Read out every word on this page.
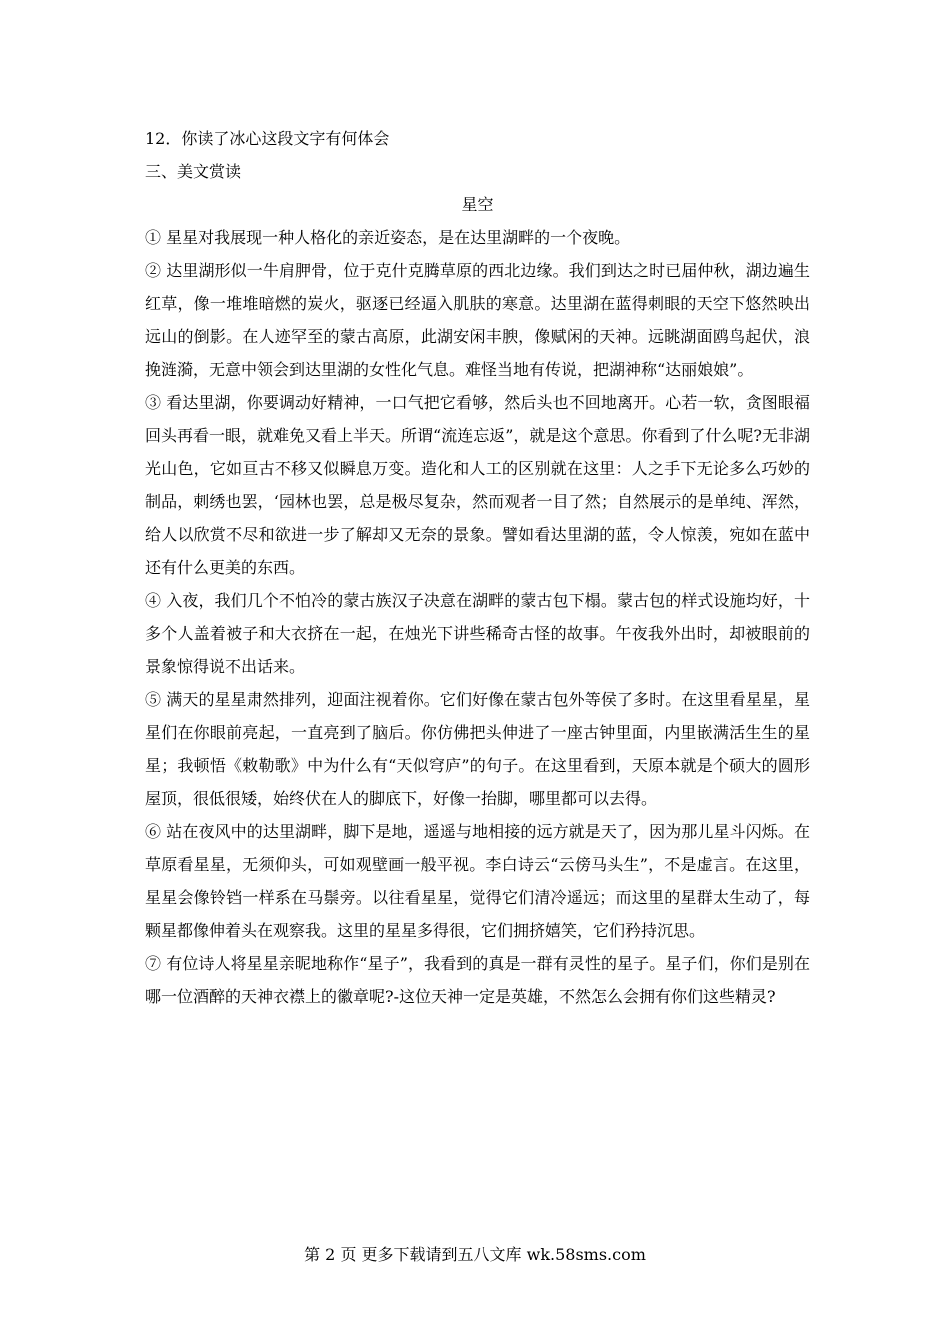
12．你读了冰心这段文字有何体会
三、美文赏读
星空
① 星星对我展现一种人格化的亲近姿态，是在达里湖畔的一个夜晚。
② 达里湖形似一牛肩胛骨，位于克什克腾草原的西北边缘。我们到达之时已届仲秋，湖边遍生红草，像一堆堆暗燃的炭火，驱逐已经逼入肌肤的寒意。达里湖在蓝得刺眼的天空下悠然映出远山的倒影。在人迹罕至的蒙古高原，此湖安闲丰腴，像赋闲的天神。远眺湖面鸥鸟起伏，浪挽涟漪，无意中领会到达里湖的女性化气息。难怪当地有传说，把湖神称“达丽娘娘”。
③ 看达里湖，你要调动好精神，一口气把它看够，然后头也不回地离开。心若一软，贪图眼福回头再看一眼，就难免又看上半天。所谓“流连忘返”，就是这个意思。你看到了什么呢?无非湖光山色，它如亘古不移又似瞬息万变。造化和人工的区别就在这里：人之手下无论多么巧妙的制品，刺绣也罢，‘园林也罢，总是极尽复杂，然而观者一目了然；自然展示的是单纯、浑然，给人以欣赏不尽和欲进一步了解却又无奈的景象。譬如看达里湖的蓝，令人惊羡，宛如在蓝中还有什么更美的东西。
④ 入夜，我们几个不怕冷的蒙古族汉子决意在湖畔的蒙古包下榻。蒙古包的样式设施均好，十多个人盖着被子和大衣挤在一起，在烛光下讲些稀奇古怪的故事。午夜我外出时，却被眼前的景象惊得说不出话来。
⑤ 满天的星星肃然排列，迎面注视着你。它们好像在蒙古包外等侯了多时。在这里看星星，星星们在你眼前亮起，一直亮到了脑后。你仿佛把头伸进了一座古钟里面，内里嵌满活生生的星星；我顿悟《敕勒歌》中为什么有“天似穹庐”的句子。在这里看到，天原本就是个硕大的圆形屋顶，很低很矮，始终伏在人的脚底下，好像一抬脚，哪里都可以去得。
⑥ 站在夜风中的达里湖畔，脚下是地，遥遥与地相接的远方就是天了，因为那儿星斗闪烁。在草原看星星，无须仰头，可如观壁画一般平视。李白诗云“云傍马头生”，不是虚言。在这里，星星会像铃铛一样系在马鬃旁。以往看星星，觉得它们清冷遥远；而这里的星群太生动了，每颗星都像伸着头在观察我。这里的星星多得很，它们拥挤嬉笑，它们矜持沉思。
⑦ 有位诗人将星星亲昵地称作“星子”，我看到的真是一群有灵性的星子。星子们，你们是别在哪一位酒醉的天神衣襟上的徽章呢?-这位天神一定是英雄，不然怎么会拥有你们这些精灵?
第 2 页 更多下载请到五八文库 wk.58sms.com
